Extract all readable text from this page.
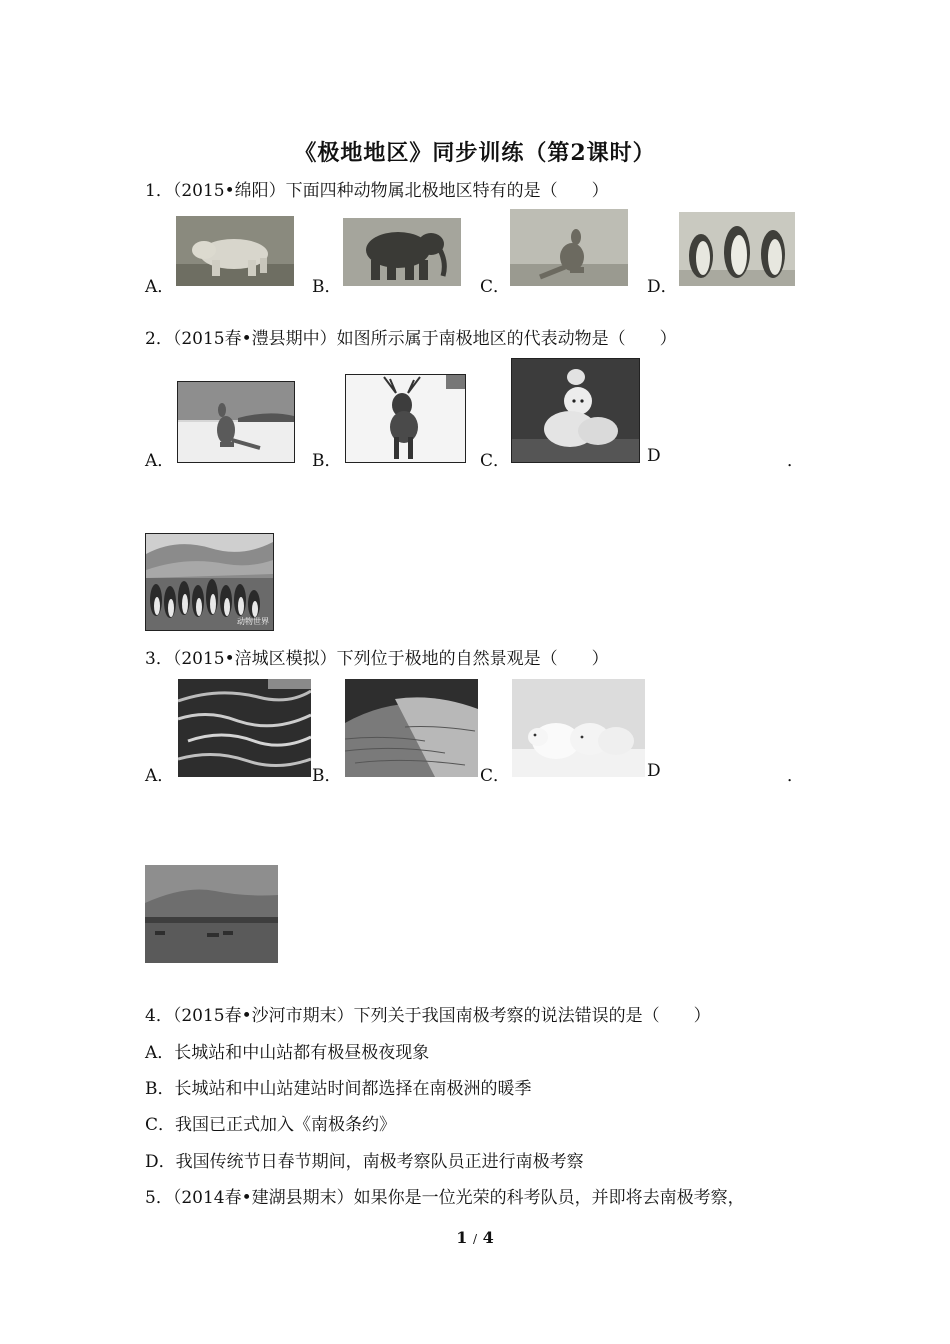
《极地地区》同步训练（第2课时）
1．（2015•绵阳）下面四种动物属北极地区特有的是（　　）
A．	B．	C．	D．
2．（2015春•澧县期中）如图所示属于南极地区的代表动物是（　　）
A．	B．	C．	D	．
动物世界
3．（2015•涪城区模拟）下列位于极地的自然景观是（　　）
A．	B．	C．	D	．
4．（2015春•沙河市期末）下列关于我国南极考察的说法错误的是（　　）
A．长城站和中山站都有极昼极夜现象
B．长城站和中山站建站时间都选择在南极洲的暖季
C．我国已正式加入《南极条约》
D．我国传统节日春节期间，南极考察队员正进行南极考察
5．（2014春•建湖县期末）如果你是一位光荣的科考队员，并即将去南极考察，
1 / 4
